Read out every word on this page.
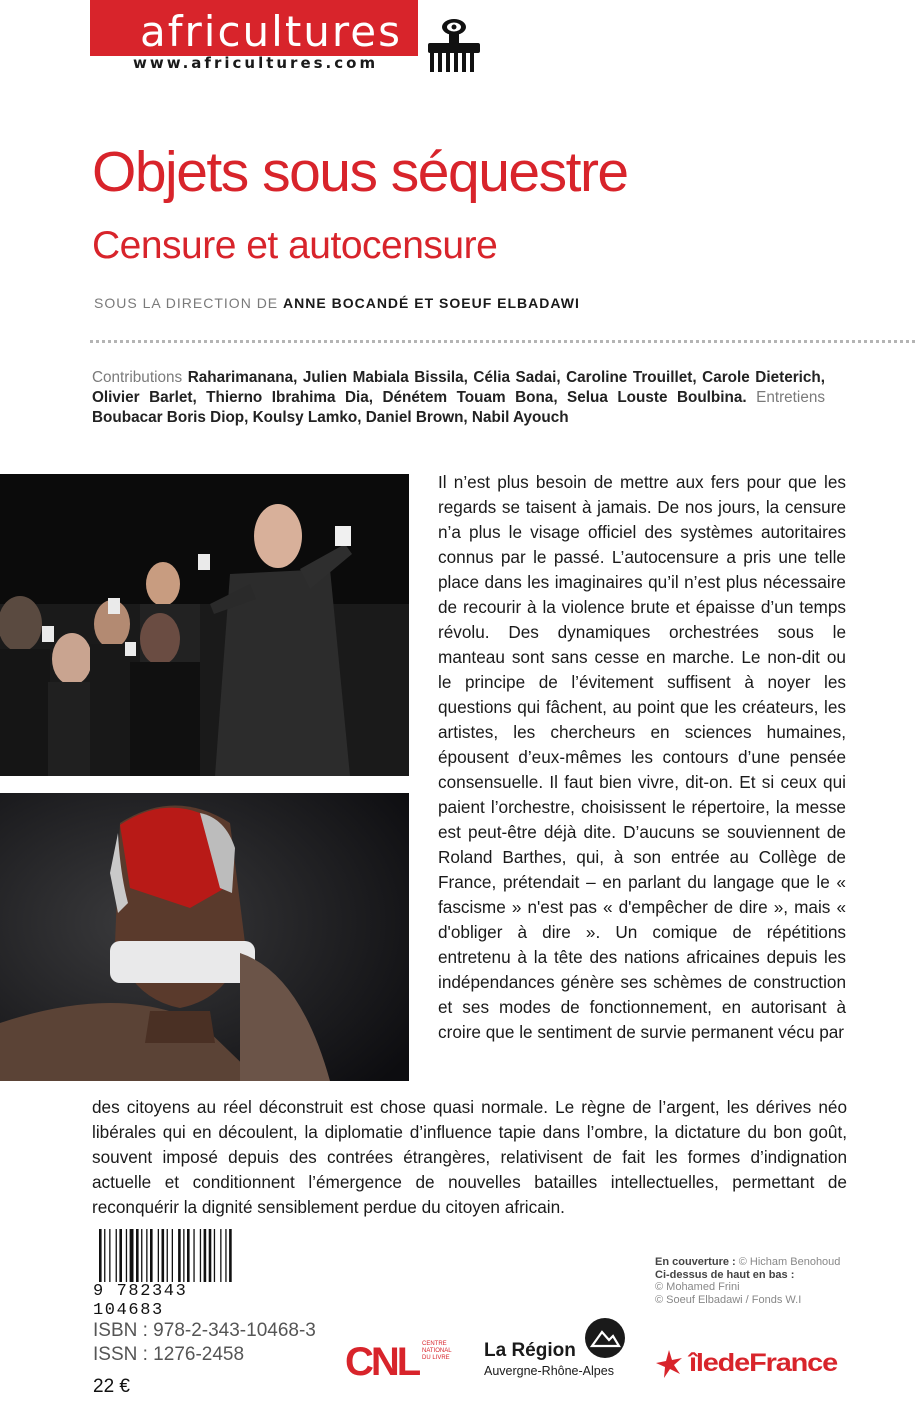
africultures
www.africultures.com
Objets sous séquestre
Censure et autocensure
SOUS LA DIRECTION DE ANNE BOCANDÉ ET SOEUF ELBADAWI
Contributions Raharimanana, Julien Mabiala Bissila, Célia Sadai, Caroline Trouillet, Carole Dieterich, Olivier Barlet, Thierno Ibrahima Dia, Dénétem Touam Bona, Selua Louste Boulbina. Entretiens Boubacar Boris Diop, Koulsy Lamko, Daniel Brown, Nabil Ayouch
Il n’est plus besoin de mettre aux fers pour que les regards se taisent à jamais. De nos jours, la censure n’a plus le visage officiel des systèmes autoritaires connus par le passé. L’autocensure a pris une telle place dans les imaginaires qu’il n’est plus nécessaire de recourir à la violence brute et épaisse d’un temps révolu. Des dynamiques orchestrées sous le manteau sont sans cesse en marche. Le non-dit ou le principe de l’évitement suffisent à noyer les questions qui fâchent, au point que les créateurs, les artistes, les chercheurs en sciences humaines, épousent d’eux-mêmes les contours d’une pensée consensuelle. Il faut bien vivre, dit-on. Et si ceux qui paient l’orchestre, choisissent le répertoire, la messe est peut-être déjà dite. D’aucuns se souviennent de Roland Barthes, qui, à son entrée au Collège de France, prétendait – en parlant du langage que le « fascisme » n'est pas « d'empêcher de dire », mais « d'obliger à dire ». Un comique de répétitions entretenu à la tête des nations africaines depuis les indépendances génère ses schèmes de construction et ses modes de fonctionnement, en autorisant à croire que le sentiment de survie permanent vécu par
des citoyens au réel déconstruit est chose quasi normale. Le règne de l’argent, les dérives néo libérales qui en découlent, la diplomatie d’influence tapie dans l’ombre, la dictature du bon goût, souvent imposé depuis des contrées étrangères, relativisent de fait les formes d’indignation actuelle et conditionnent l’émergence de nouvelles batailles intellectuelles, permettant de reconquérir la dignité sensiblement perdue du citoyen africain.
9 782343 104683
ISBN : 978-2-343-10468-3
ISSN : 1276-2458
22 €
En couverture : © Hicham Benohoud
Ci-dessus de haut en bas :
© Mohamed Frini
© Soeuf Elbadawi / Fonds W.I
CNL CENTRE
NATIONAL
DU LIVRE La Région
Auvergne-Rhône-Alpes	îledeFrance
